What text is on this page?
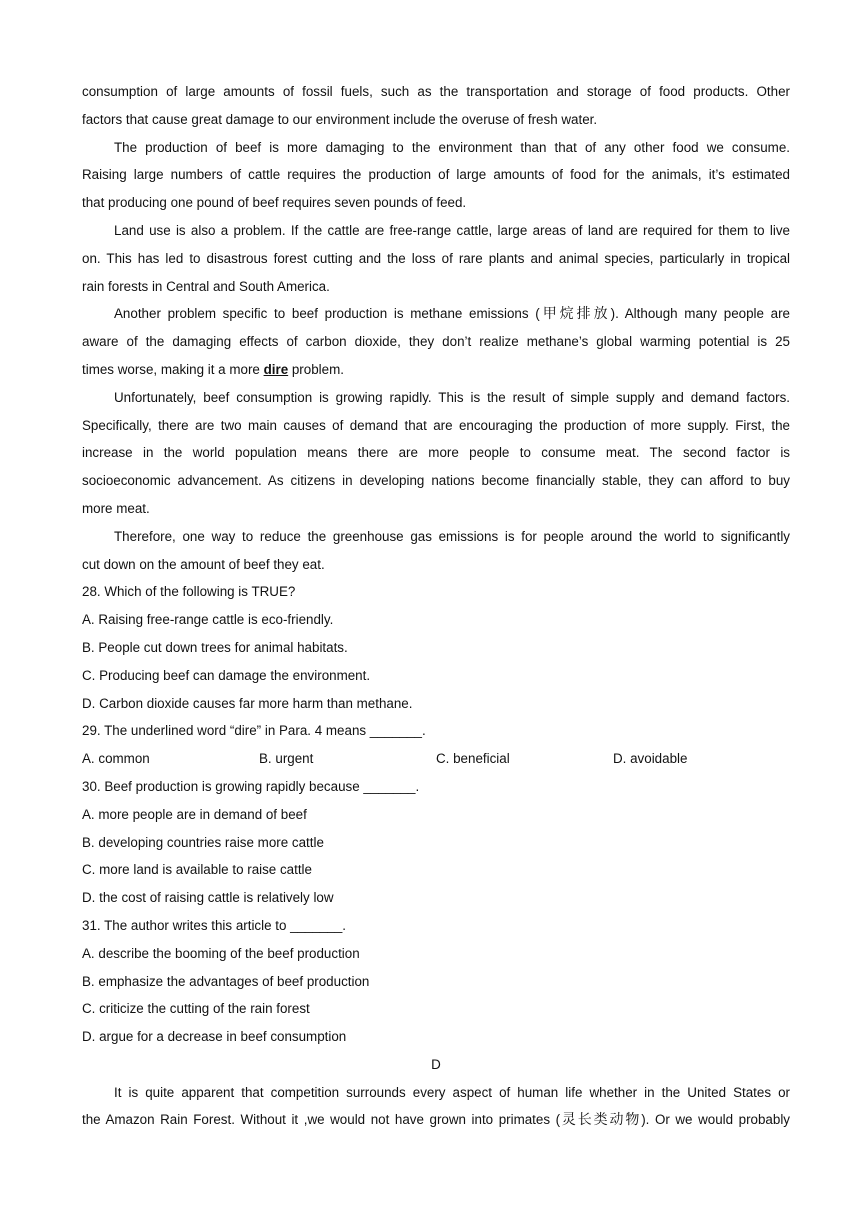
consumption of large amounts of fossil fuels, such as the transportation and storage of food products. Other
factors that cause great damage to our environment include the overuse of fresh water.
The production of beef is more damaging to the environment than that of any other food we consume.
Raising large numbers of cattle requires the production of large amounts of food for the animals, it’s estimated
that producing one pound of beef requires seven pounds of feed.
Land use is also a problem. If the cattle are free-range cattle, large areas of land are required for them to live
on. This has led to disastrous forest cutting and the loss of rare plants and animal species, particularly in tropical
rain forests in Central and South America.
Another problem specific to beef production is methane emissions (甲烷排放). Although many people are
aware of the damaging effects of carbon dioxide, they don’t realize methane’s global warming potential is 25
times worse, making it a more dire problem.
Unfortunately, beef consumption is growing rapidly. This is the result of simple supply and demand factors.
Specifically, there are two main causes of demand that are encouraging the production of more supply. First, the
increase in the world population means there are more people to consume meat. The second factor is
socioeconomic advancement. As citizens in developing nations become financially stable, they can afford to buy
more meat.
Therefore, one way to reduce the greenhouse gas emissions is for people around the world to significantly
cut down on the amount of beef they eat.
28. Which of the following is TRUE?
A. Raising free-range cattle is eco-friendly.
B. People cut down trees for animal habitats.
C. Producing beef can damage the environment.
D. Carbon dioxide causes far more harm than methane.
29. The underlined word “dire” in Para. 4 means _______.
A. common	B. urgent	C. beneficial	D. avoidable
30. Beef production is growing rapidly because _______.
A. more people are in demand of beef
B. developing countries raise more cattle
C. more land is available to raise cattle
D. the cost of raising cattle is relatively low
31. The author writes this article to _______.
A. describe the booming of the beef production
B. emphasize the advantages of beef production
C. criticize the cutting of the rain forest
D. argue for a decrease in beef consumption
D
It is quite apparent that competition surrounds every aspect of human life whether in the United States or
the Amazon Rain Forest. Without it ,we would not have grown into primates (灵长类动物). Or we would probably
